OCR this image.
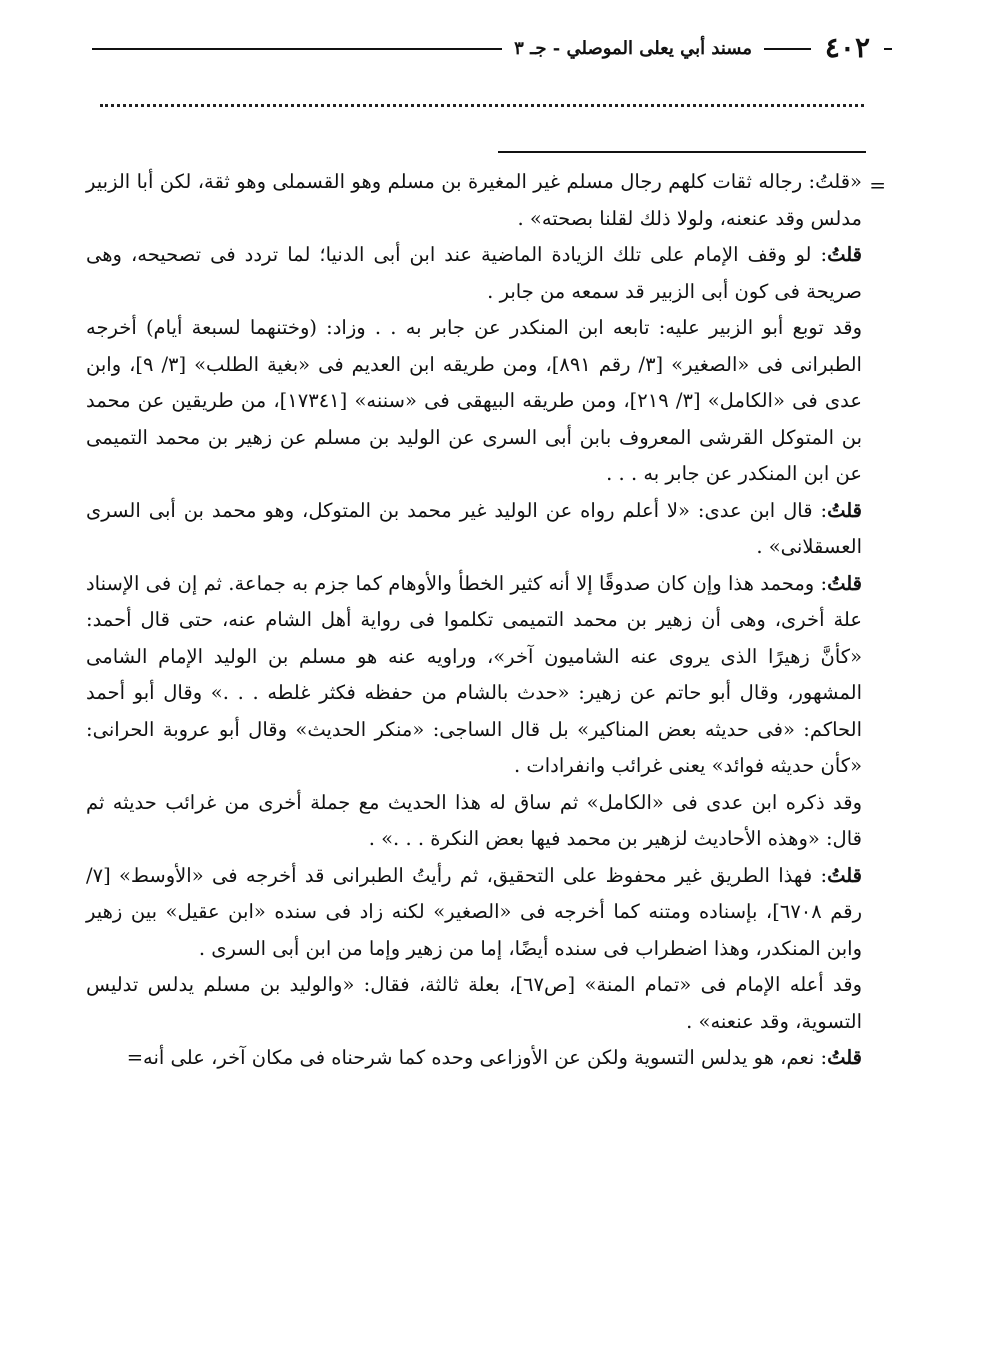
٤٠٢
مسند أبي يعلى الموصلي - جـ ٣
=

«قلتُ: رجاله ثقات كلهم رجال مسلم غير المغيرة بن مسلم وهو القسملى وهو ثقة، لكن أبا الزبير مدلس وقد عنعنه، ولولا ذلك لقلنا بصحته» .

قلتُ: لو وقف الإمام على تلك الزيادة الماضية عند ابن أبى الدنيا؛ لما تردد فى تصحيحه، وهى صريحة فى كون أبى الزبير قد سمعه من جابر .

وقد توبع أبو الزبير عليه: تابعه ابن المنكدر عن جابر به . . وزاد: (وختنهما لسبعة أيام) أخرجه الطبرانى فى «الصغير» [٣/ رقم ٨٩١]، ومن طريقه ابن العديم فى «بغية الطلب» [٣/ ٩]، وابن عدى فى «الكامل» [٣/ ٢١٩]، ومن طريقه البيهقى فى «سننه» [١٧٣٤١]، من طريقين عن محمد بن المتوكل القرشى المعروف بابن أبى السرى عن الوليد بن مسلم عن زهير بن محمد التميمى عن ابن المنكدر عن جابر به . . .

قلتُ: قال ابن عدى: «لا أعلم رواه عن الوليد غير محمد بن المتوكل، وهو محمد بن أبى السرى العسقلانى» .

قلتُ: ومحمد هذا وإن كان صدوقًا إلا أنه كثير الخطأ والأوهام كما جزم به جماعة. ثم إن فى الإسناد علة أخرى، وهى أن زهير بن محمد التميمى تكلموا فى رواية أهل الشام عنه، حتى قال أحمد: «كأنَّ زهيرًا الذى يروى عنه الشاميون آخر»، وراويه عنه هو مسلم بن الوليد الإمام الشامى المشهور، وقال أبو حاتم عن زهير: «حدث بالشام من حفظه فكثر غلطه . . .» وقال أبو أحمد الحاكم: «فى حديثه بعض المناكير» بل قال الساجى: «منكر الحديث» وقال أبو عروبة الحرانى: «كأن حديثه فوائد» يعنى غرائب وانفرادات .

وقد ذكره ابن عدى فى «الكامل» ثم ساق له هذا الحديث مع جملة أخرى من غرائب حديثه ثم قال: «وهذه الأحاديث لزهير بن محمد فيها بعض النكرة . . .» .

قلتُ: فهذا الطريق غير محفوظ على التحقيق، ثم رأيتُ الطبرانى قد أخرجه فى «الأوسط» [٧/ رقم ٦٧٠٨]، بإسناده ومتنه كما أخرجه فى «الصغير» لكنه زاد فى سنده «ابن عقيل» بين زهير وابن المنكدر، وهذا اضطراب فى سنده أيضًا، إما من زهير وإما من ابن أبى السرى .

وقد أعله الإمام فى «تمام المنة» [ص٦٧]، بعلة ثالثة، فقال: «والوليد بن مسلم يدلس تدليس التسوية، وقد عنعنه» .

قلتُ: نعم، هو يدلس التسوية ولكن عن الأوزاعى وحده كما شرحناه فى مكان آخر، على أنه=
